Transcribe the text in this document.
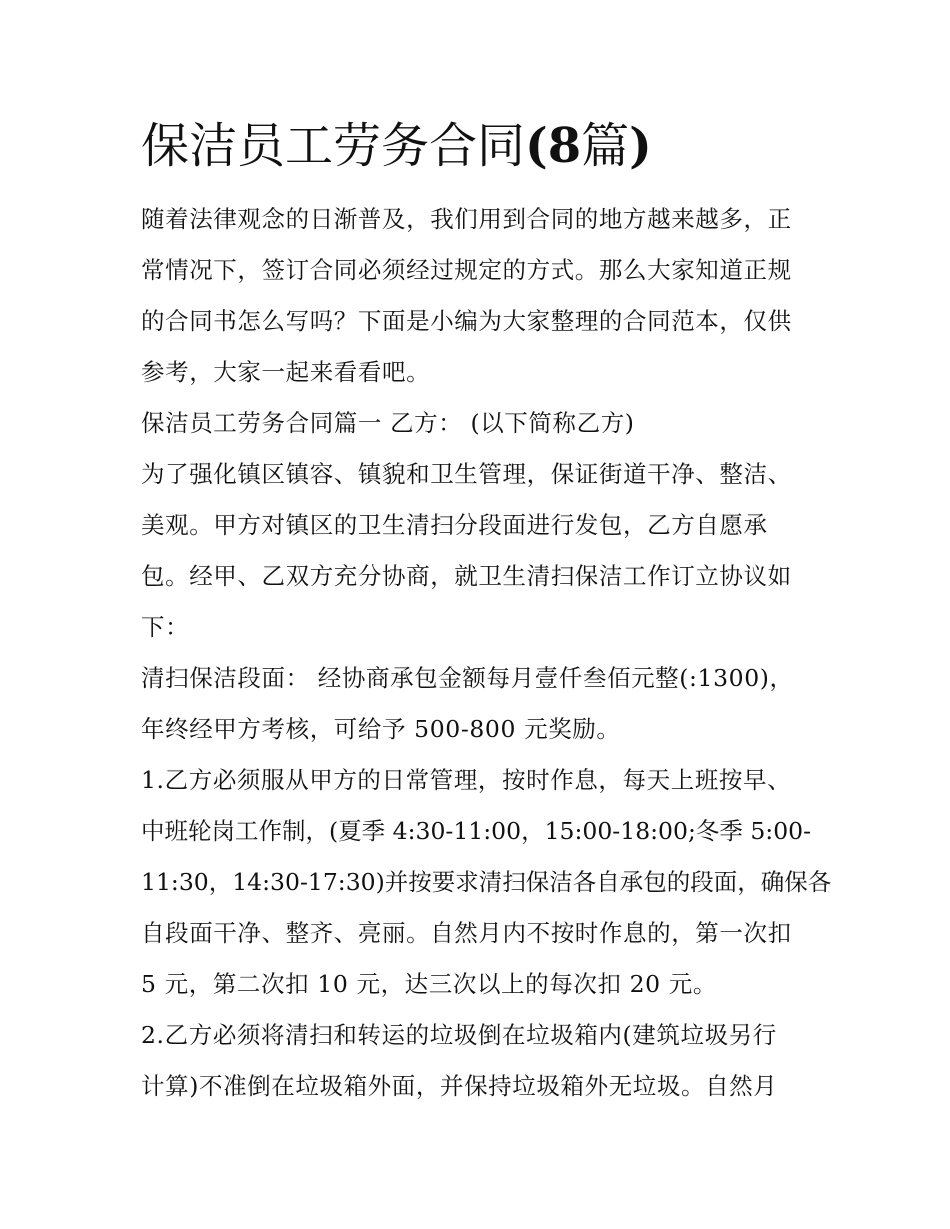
保洁员工劳务合同(8篇)

随着法律观念的日渐普及，我们用到合同的地方越来越多，正

常情况下，签订合同必须经过规定的方式。那么大家知道正规

的合同书怎么写吗？下面是小编为大家整理的合同范本，仅供

参考，大家一起来看看吧。

保洁员工劳务合同篇一 乙方： (以下简称乙方)

为了强化镇区镇容、镇貌和卫生管理，保证街道干净、整洁、

美观。甲方对镇区的卫生清扫分段面进行发包，乙方自愿承

包。经甲、乙双方充分协商，就卫生清扫保洁工作订立协议如

下：

清扫保洁段面： 经协商承包金额每月壹仟叁佰元整(:1300)，

年终经甲方考核，可给予 500-800 元奖励。

1.乙方必须服从甲方的日常管理，按时作息，每天上班按早、

中班轮岗工作制，(夏季 4:30-11:00，15:00-18:00;冬季 5:00-

11:30，14:30-17:30)并按要求清扫保洁各自承包的段面，确保各

自段面干净、整齐、亮丽。自然月内不按时作息的，第一次扣

5 元，第二次扣 10 元，达三次以上的每次扣 20 元。

2.乙方必须将清扫和转运的垃圾倒在垃圾箱内(建筑垃圾另行

计算)不准倒在垃圾箱外面，并保持垃圾箱外无垃圾。自然月
